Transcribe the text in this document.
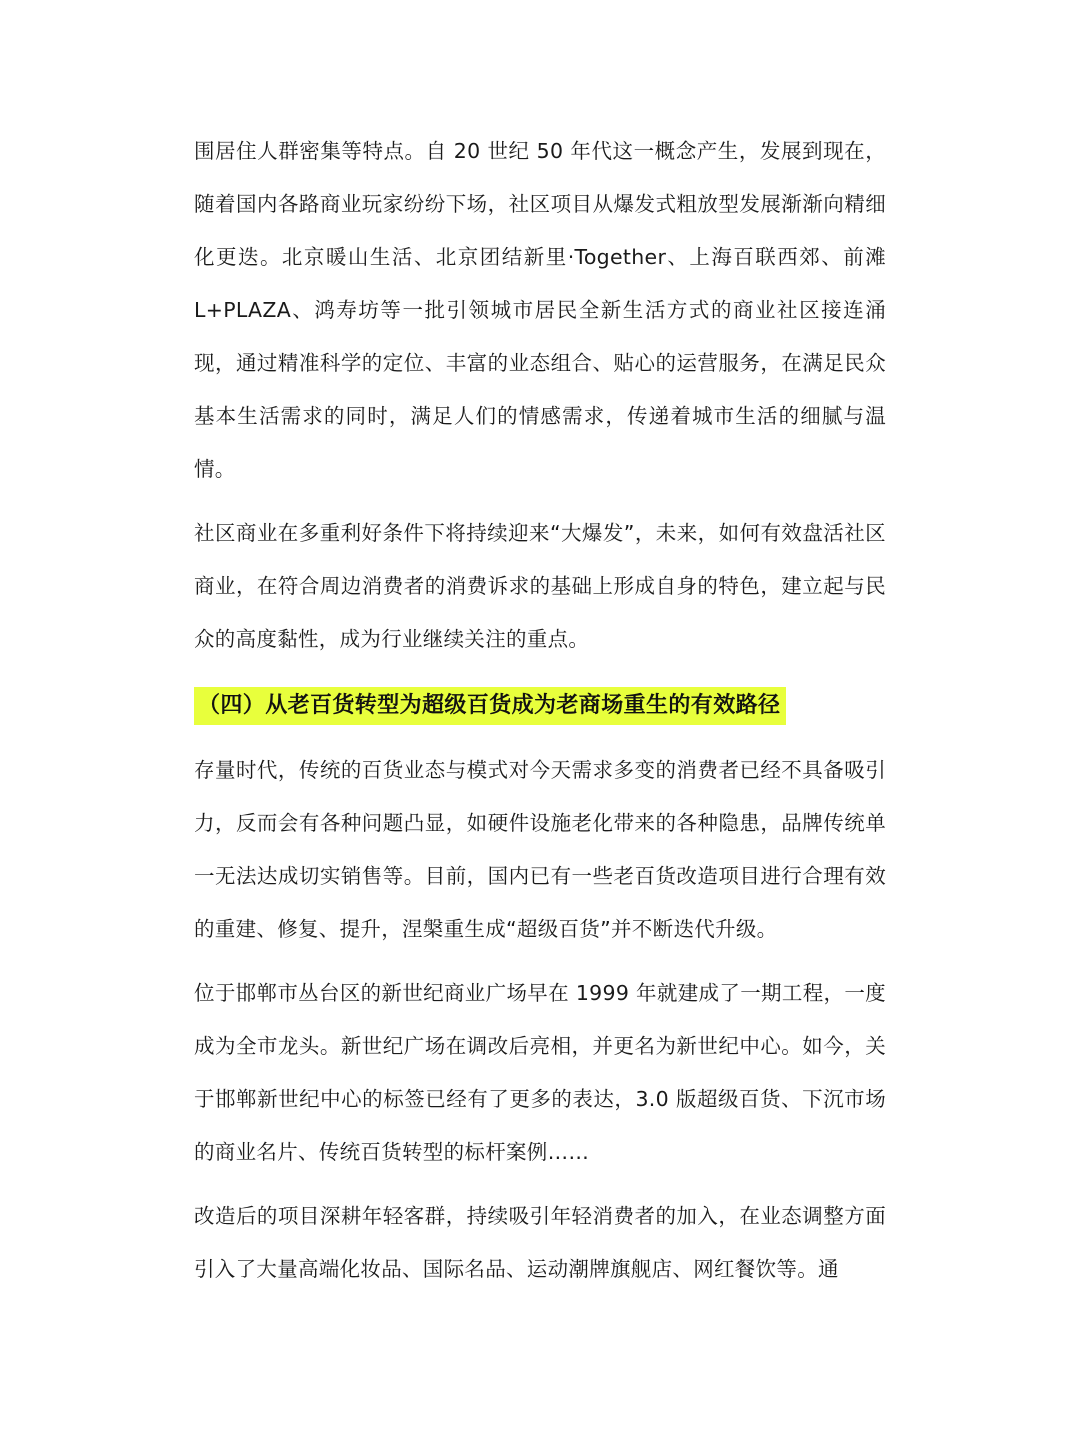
围居住人群密集等特点。自 20 世纪 50 年代这一概念产生，发展到现在，随着国内各路商业玩家纷纷下场，社区项目从爆发式粗放型发展渐渐向精细化更迭。北京暖山生活、北京团结新里·Together、上海百联西郊、前滩 L+PLAZA、鸿寿坊等一批引领城市居民全新生活方式的商业社区接连涌现，通过精准科学的定位、丰富的业态组合、贴心的运营服务，在满足民众基本生活需求的同时，满足人们的情感需求，传递着城市生活的细腻与温情。

社区商业在多重利好条件下将持续迎来“大爆发”，未来，如何有效盘活社区商业，在符合周边消费者的消费诉求的基础上形成自身的特色，建立起与民众的高度黏性，成为行业继续关注的重点。

（四）从老百货转型为超级百货成为老商场重生的有效路径

存量时代，传统的百货业态与模式对今天需求多变的消费者已经不具备吸引力，反而会有各种问题凸显，如硬件设施老化带来的各种隐患，品牌传统单一无法达成切实销售等。目前，国内已有一些老百货改造项目进行合理有效的重建、修复、提升，涅槃重生成“超级百货”并不断迭代升级。

位于邯郸市丛台区的新世纪商业广场早在 1999 年就建成了一期工程，一度成为全市龙头。新世纪广场在调改后亮相，并更名为新世纪中心。如今，关于邯郸新世纪中心的标签已经有了更多的表达，3.0 版超级百货、下沉市场的商业名片、传统百货转型的标杆案例……

改造后的项目深耕年轻客群，持续吸引年轻消费者的加入，在业态调整方面引入了大量高端化妆品、国际名品、运动潮牌旗舰店、网红餐饮等。通
